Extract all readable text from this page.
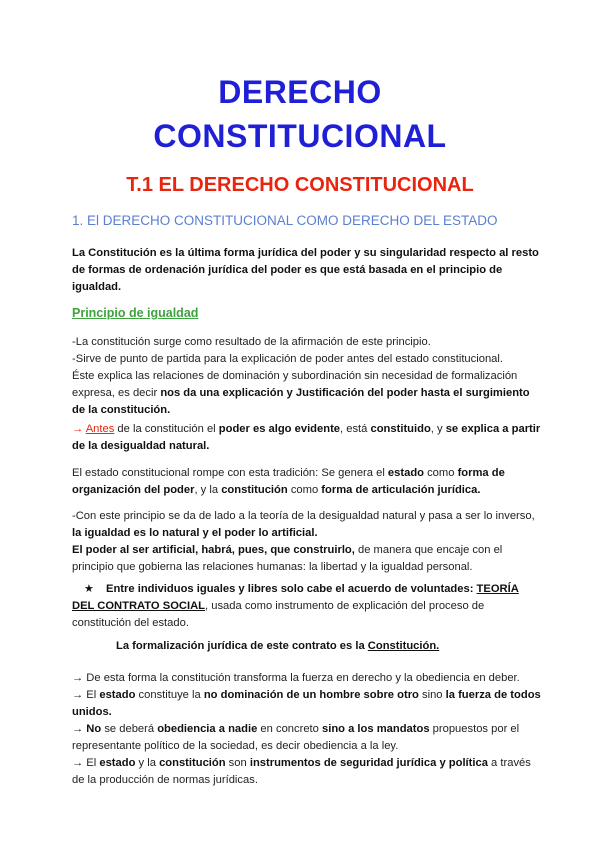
DERECHO
CONSTITUCIONAL
T.1 EL DERECHO CONSTITUCIONAL
1. El DERECHO CONSTITUCIONAL COMO DERECHO DEL ESTADO
La Constitución es la última forma jurídica del poder y su singularidad respecto al resto de formas de ordenación jurídica del poder es que está basada en el principio de igualdad.
Principio de igualdad
-La constitución surge como resultado de la afirmación de este principio.
-Sirve de punto de partida para la explicación de poder antes del estado constitucional.
Éste explica las relaciones de dominación y subordinación sin necesidad de formalización expresa, es decir nos da una explicación y Justificación del poder hasta el surgimiento de la constitución.
→ Antes de la constitución el poder es algo evidente, está constituido, y se explica a partir de la desigualdad natural.
El estado constitucional rompe con esta tradición: Se genera el estado como forma de organización del poder, y la constitución como forma de articulación jurídica.
-Con este principio se da de lado a la teoría de la desigualdad natural y pasa a ser lo inverso, la igualdad es lo natural y el poder lo artificial.
El poder al ser artificial, habrá, pues, que construirlo, de manera que encaje con el principio que gobierna las relaciones humanas: la libertad y la igualdad personal.
★ Entre individuos iguales y libres solo cabe el acuerdo de voluntades: TEORÍA DEL CONTRATO SOCIAL, usada como instrumento de explicación del proceso de constitución del estado.
La formalización jurídica de este contrato es la Constitución.
→ De esta forma la constitución transforma la fuerza en derecho y la obediencia en deber.
→ El estado constituye la no dominación de un hombre sobre otro sino la fuerza de todos unidos.
→ No se deberá obediencia a nadie en concreto sino a los mandatos propuestos por el representante político de la sociedad, es decir obediencia a la ley.
→ El estado y la constitución son instrumentos de seguridad jurídica y política a través de la producción de normas jurídicas.
